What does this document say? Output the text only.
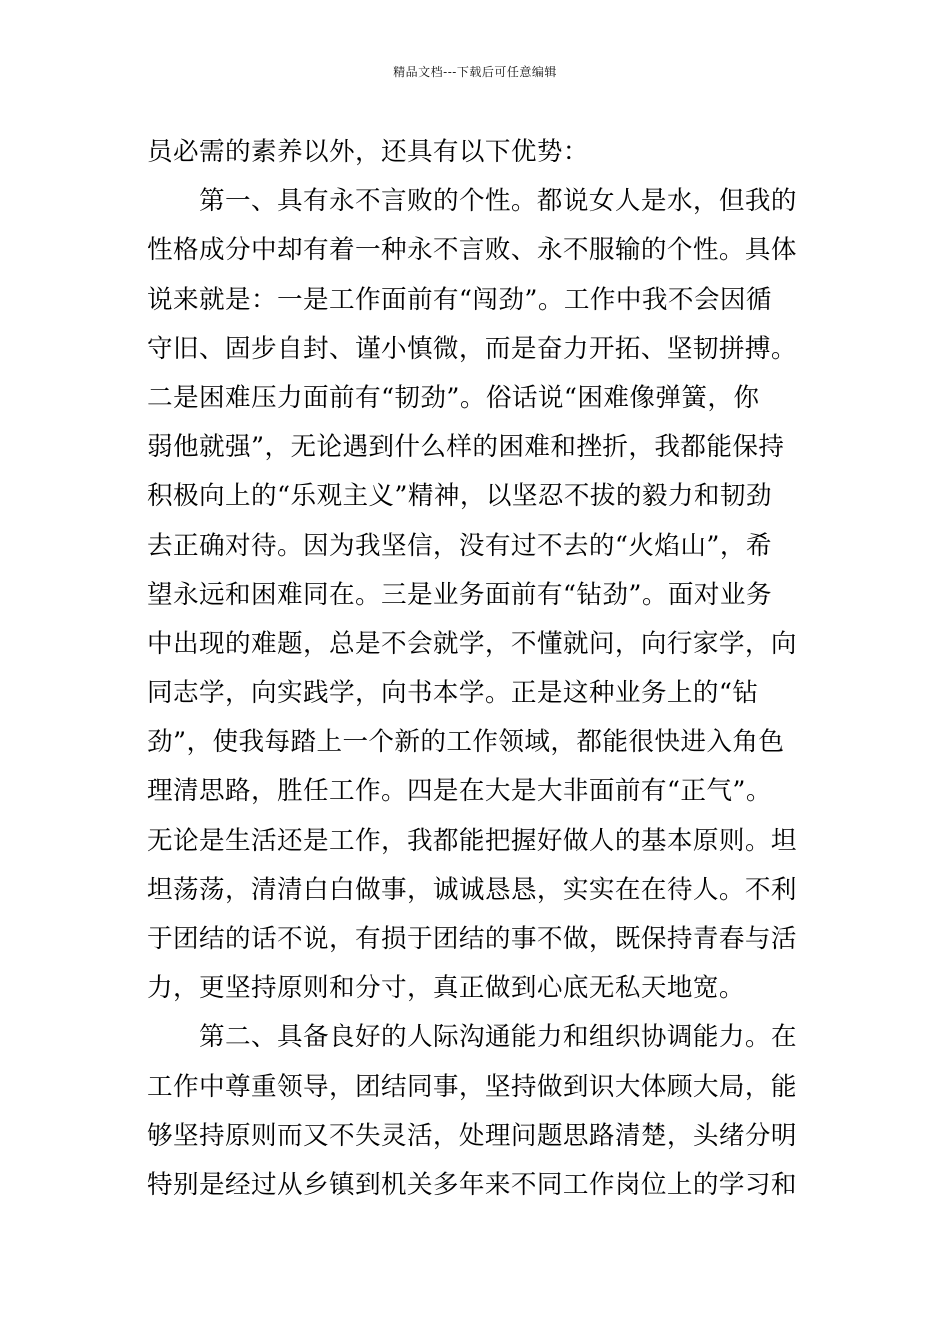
精品文档---下载后可任意编辑
员必需的素养以外，还具有以下优势：
第一、具有永不言败的个性。都说女人是水，但我的
性格成分中却有着一种永不言败、永不服输的个性。具体
说来就是：一是工作面前有“闯劲”。工作中我不会因循
守旧、固步自封、谨小慎微，而是奋力开拓、坚韧拼搏。
二是困难压力面前有“韧劲”。俗话说“困难像弹簧，你
弱他就强”，无论遇到什么样的困难和挫折，我都能保持
积极向上的“乐观主义”精神，以坚忍不拔的毅力和韧劲
去正确对待。因为我坚信，没有过不去的“火焰山”，希
望永远和困难同在。三是业务面前有“钻劲”。面对业务
中出现的难题，总是不会就学，不懂就问，向行家学，向
同志学，向实践学，向书本学。正是这种业务上的“钻
劲”，使我每踏上一个新的工作领域，都能很快进入角色
理清思路，胜任工作。四是在大是大非面前有“正气”。
无论是生活还是工作，我都能把握好做人的基本原则。坦
坦荡荡，清清白白做事，诚诚恳恳，实实在在待人。不利
于团结的话不说，有损于团结的事不做，既保持青春与活
力，更坚持原则和分寸，真正做到心底无私天地宽。
第二、具备良好的人际沟通能力和组织协调能力。在
工作中尊重领导，团结同事，坚持做到识大体顾大局，能
够坚持原则而又不失灵活，处理问题思路清楚，头绪分明
特别是经过从乡镇到机关多年来不同工作岗位上的学习和
